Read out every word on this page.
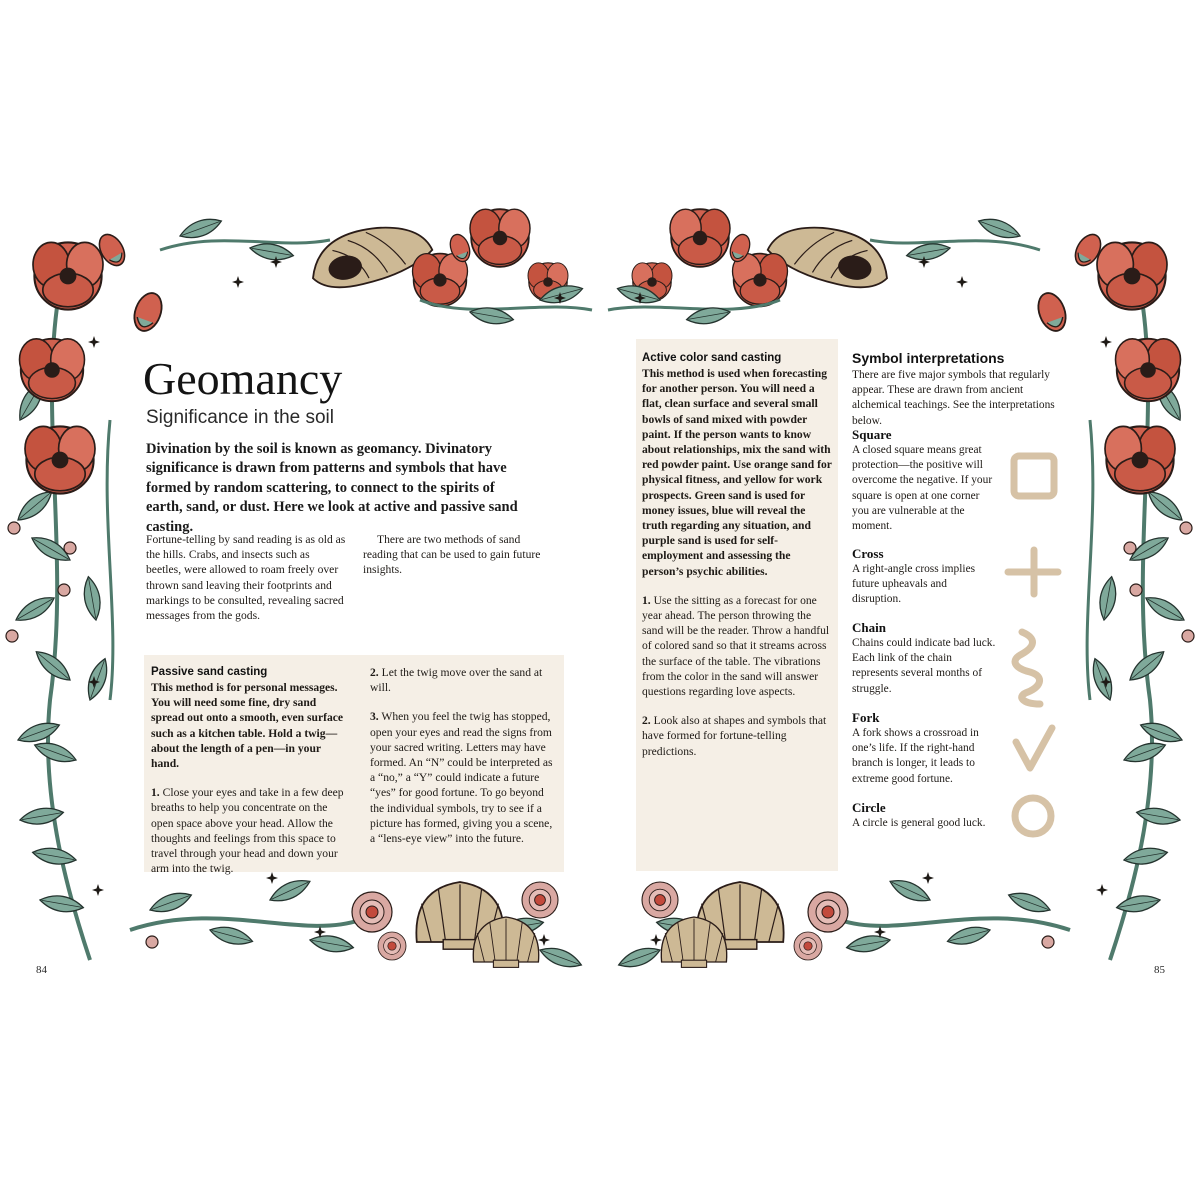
Geomancy
Significance in the soil
Divination by the soil is known as geomancy. Divinatory significance is drawn from patterns and symbols that have formed by random scattering, to connect to the spirits of earth, sand, or dust. Here we look at active and passive sand casting.
Fortune-telling by sand reading is as old as the hills. Crabs, and insects such as beetles, were allowed to roam freely over thrown sand leaving their footprints and markings to be consulted, revealing sacred messages from the gods.
There are two methods of sand reading that can be used to gain future insights.
Passive sand casting
This method is for personal messages. You will need some fine, dry sand spread out onto a smooth, even surface such as a kitchen table. Hold a twig—about the length of a pen—in your hand.
1. Close your eyes and take in a few deep breaths to help you concentrate on the open space above your head. Allow the thoughts and feelings from this space to travel through your head and down your arm into the twig.
2. Let the twig move over the sand at will.
3. When you feel the twig has stopped, open your eyes and read the signs from your sacred writing. Letters may have formed. An “N” could be interpreted as a “no,” a “Y” could indicate a future “yes” for good fortune. To go beyond the individual symbols, try to see if a picture has formed, giving you a scene, a “lens-eye view” into the future.
84
Active color sand casting
This method is used when forecasting for another person. You will need a flat, clean surface and several small bowls of sand mixed with powder paint. If the person wants to know about relationships, mix the sand with red powder paint. Use orange sand for physical fitness, and yellow for work prospects. Green sand is used for money issues, blue will reveal the truth regarding any situation, and purple sand is used for self-employment and assessing the person’s psychic abilities.
1. Use the sitting as a forecast for one year ahead. The person throwing the sand will be the reader. Throw a handful of colored sand so that it streams across the surface of the table. The vibrations from the color in the sand will answer questions regarding love aspects.
2. Look also at shapes and symbols that have formed for fortune-telling predictions.
Symbol interpretations
There are five major symbols that regularly appear. These are drawn from ancient alchemical teachings. See the interpretations below.
Square
A closed square means great protection—the positive will overcome the negative. If your square is open at one corner you are vulnerable at the moment.
Cross
A right-angle cross implies future upheavals and disruption.
Chain
Chains could indicate bad luck. Each link of the chain represents several months of struggle.
Fork
A fork shows a crossroad in one’s life. If the right-hand branch is longer, it leads to extreme good fortune.
Circle
A circle is general good luck.
85
